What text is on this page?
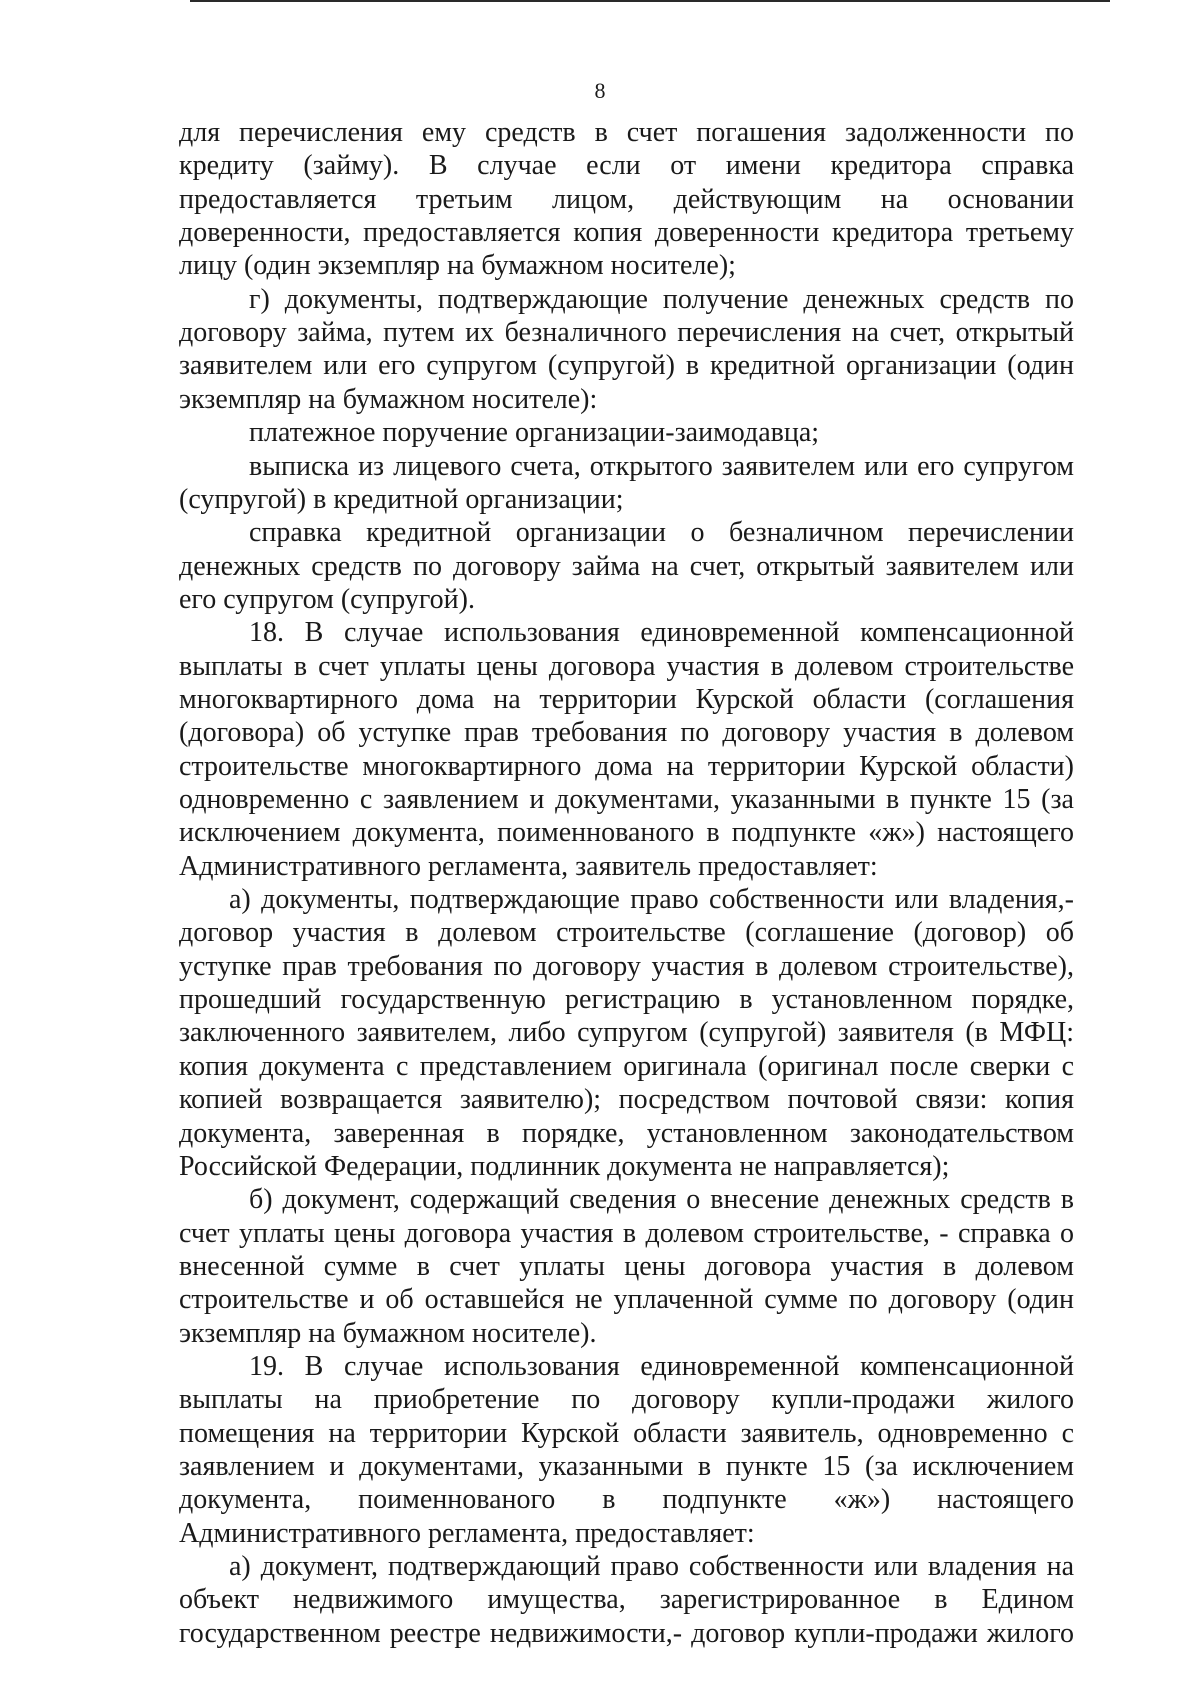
8
для перечисления ему средств в счет погашения задолженности по
кредиту (займу). В случае если от имени кредитора справка
предоставляется третьим лицом, действующим на основании
доверенности, предоставляется копия доверенности кредитора третьему
лицу (один экземпляр на бумажном носителе);
г) документы, подтверждающие получение денежных средств по
договору займа, путем их безналичного перечисления на счет, открытый
заявителем или его супругом (супругой) в кредитной организации (один
экземпляр на бумажном носителе):
платежное поручение организации-заимодавца;
выписка из лицевого счета, открытого заявителем или его супругом
(супругой) в кредитной организации;
справка кредитной организации о безналичном перечислении
денежных средств по договору займа на счет, открытый заявителем или
его супругом (супругой).
18. В случае использования единовременной компенсационной
выплаты в счет уплаты цены договора участия в долевом строительстве
многоквартирного дома на территории Курской области (соглашения
(договора) об уступке прав требования по договору участия в долевом
строительстве многоквартирного дома на территории Курской области)
одновременно с заявлением и документами, указанными в пункте 15 (за
исключением документа, поименнованого в подпункте «ж») настоящего
Административного регламента, заявитель предоставляет:
а) документы, подтверждающие право собственности или владения,-
договор участия в долевом строительстве (соглашение (договор) об
уступке прав требования по договору участия в долевом строительстве),
прошедший государственную регистрацию в установленном порядке,
заключенного заявителем, либо супругом (супругой) заявителя (в МФЦ:
копия документа с представлением оригинала (оригинал после сверки с
копией возвращается заявителю); посредством почтовой связи: копия
документа, заверенная в порядке, установленном законодательством
Российской Федерации, подлинник документа не направляется);
б) документ, содержащий сведения о внесение денежных средств в
счет уплаты цены договора участия в долевом строительстве, - справка о
внесенной сумме в счет уплаты цены договора участия в долевом
строительстве и об оставшейся не уплаченной сумме по договору (один
экземпляр на бумажном носителе).
19. В случае использования единовременной компенсационной
выплаты на приобретение по договору купли-продажи жилого
помещения на территории Курской области заявитель, одновременно с
заявлением и документами, указанными в пункте 15 (за исключением
документа, поименнованого в подпункте «ж») настоящего
Административного регламента, предоставляет:
а) документ, подтверждающий право собственности или владения на
объект недвижимого имущества, зарегистрированное в Едином
государственном реестре недвижимости,- договор купли-продажи жилого
